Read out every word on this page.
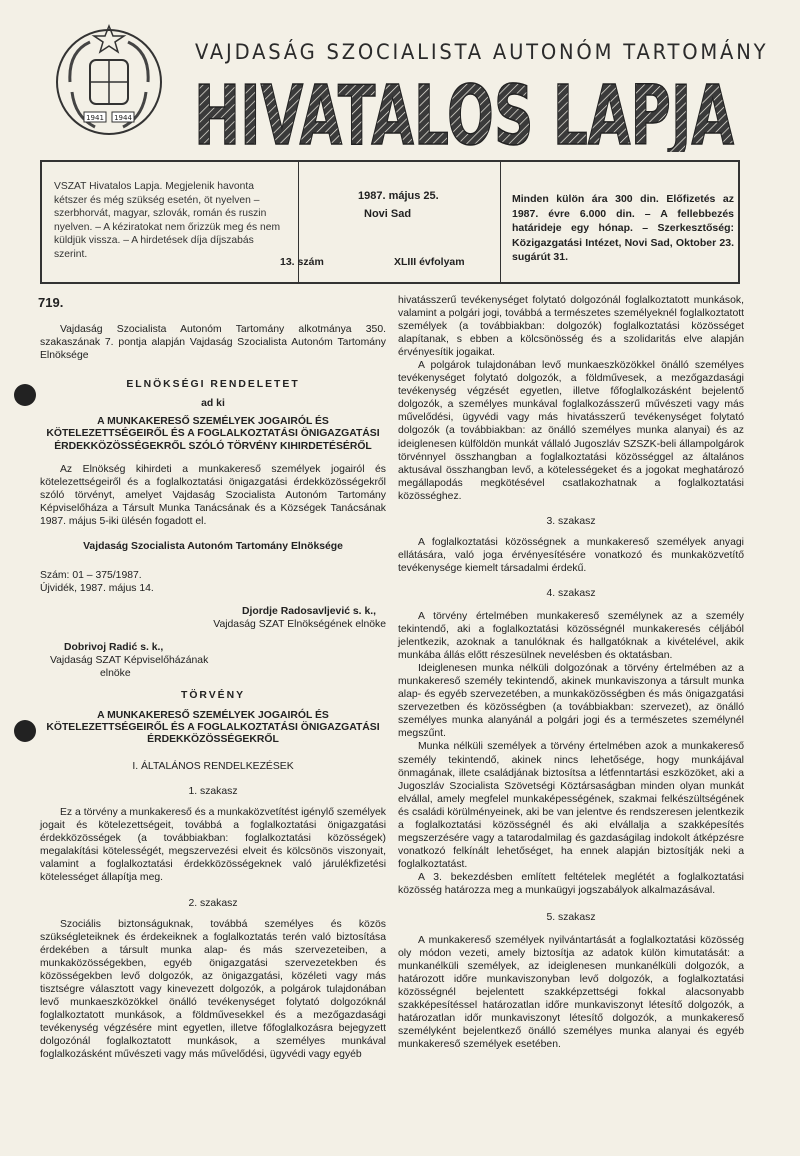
1941 1944
VAJDASÁG SZOCIALISTA AUTONÓM TARTOMÁNY
HIVATALOS LAPJA
VSZAT Hivatalos Lapja. Megjelenik havonta kétszer és még szükség esetén, öt nyelven – szerbhorvát, magyar, szlovák, román és ruszin nyelven. – A kéziratokat nem őrizzük meg és nem küldjük vissza. – A hirdetések díja díjszabás szerint.
1987. május 25.
Novi Sad
13. szám	XLIII évfolyam
Minden külön ára 300 din. Előfizetés az 1987. évre 6.000 din. – A fellebbezés határideje egy hónap. – Szerkesztőség: Közigazgatási Intézet, Novi Sad, Oktober 23. sugárút 31.

719.

Vajdaság Szocialista Autonóm Tartomány alkotmánya 350. szakaszának 7. pontja alapján Vajdaság Szocialista Autonóm Tartomány Elnöksége

ELNÖKSÉGI RENDELETET

ad ki

A MUNKAKERESŐ SZEMÉLYEK JOGAIRÓL ÉS KÖTELEZETTSÉGEIRŐL ÉS A FOGLALKOZTATÁSI ÖNIGAZGATÁSI ÉRDEKKÖZÖSSÉGEKRŐL SZÓLÓ TÖRVÉNY KIHIRDETÉSÉRŐL

Az Elnökség kihirdeti a munkakereső személyek jogairól és kötelezettségeiről és a foglalkoztatási önigazgatási érdekközösségekről szóló törvényt, amelyet Vajdaság Szocialista Autonóm Tartomány Képviselőháza a Társult Munka Tanácsának és a Községek Tanácsának 1987. május 5-iki ülésén fogadott el.

Vajdaság Szocialista Autonóm Tartomány Elnöksége

Szám: 01 – 375/1987.

Újvidék, 1987. május 14.

Djordje Radosavljević s. k.,

Vajdaság SZAT Elnökségének elnöke

Dobrivoj Radić s. k.,

Vajdaság SZAT Képviselőházának

elnöke

TÖRVÉNY

A MUNKAKERESŐ SZEMÉLYEK JOGAIRÓL ÉS KÖTELEZETTSÉGEIRŐL ÉS A FOGLALKOZTATÁSI ÖNIGAZGATÁSI ÉRDEKKÖZÖSSÉGEKRŐL

I. ÁLTALÁNOS RENDELKEZÉSEK

1. szakasz

Ez a törvény a munkakereső és a munkaközvetítést igénylő személyek jogait és kötelezettségeit, továbbá a foglalkoztatási önigazgatási érdekközösségek (a továbbiakban: foglalkoztatási közösségek) megalakítási kötelességét, megszervezési elveit és kölcsönös viszonyait, valamint a foglalkoztatási érdekközösségeknek való járulékfizetési kötelességet állapítja meg.

2. szakasz

Szociális biztonságuknak, továbbá személyes és közös szükségleteiknek és érdekeiknek a foglalkoztatás terén való biztosítása érdekében a társult munka alap- és más szervezeteiben, a munkaközösségekben, egyéb önigazgatási szervezetekben és közösségekben levő dolgozók, az önigazgatási, közéleti vagy más tisztségre választott vagy kinevezett dolgozók, a polgárok tulajdonában levő munkaeszközökkel önálló tevékenységet folytató dolgozóknál foglalkoztatott munkások, a földművesekkel és a mezőgazdasági tevékenység végzésére mint egyetlen, illetve főfoglalkozásra bejegyzett dolgozónál foglalkoztatott munkások, a személyes munkával foglalkozásként művészeti vagy más művelődési, ügyvédi vagy egyéb

hivatásszerű tevékenységet folytató dolgozónál foglalkoztatott munkások, valamint a polgári jogi, továbbá a természetes személyeknél foglalkoztatott személyek (a továbbiakban: dolgozók) foglalkoztatási közösséget alapítanak, s ebben a kölcsönösség és a szolidaritás elve alapján érvényesítik jogaikat.

A polgárok tulajdonában levő munkaeszközökkel önálló személyes tevékenységet folytató dolgozók, a földművesek, a mezőgazdasági tevékenység végzését egyetlen, illetve főfoglalkozásként bejelentő dolgozók, a személyes munkával foglalkozásszerű művészeti vagy más művelődési, ügyvédi vagy más hivatásszerű tevékenységet folytató dolgozók (a továbbiakban: az önálló személyes munka alanyai) és az ideiglenesen külföldön munkát vállaló Jugoszláv SZSZK-beli állampolgárok törvénnyel összhangban a foglalkoztatási közösséggel az általános aktusával összhangban levő, a kötelességeket és a jogokat meghatározó megállapodás megkötésével csatlakozhatnak a foglalkoztatási közösséghez.

3. szakasz

A foglalkoztatási közösségnek a munkakereső személyek anyagi ellátására, való joga érvényesítésére vonatkozó és munkaközvetítő tevékenysége kiemelt társadalmi érdekű.

4. szakasz

A törvény értelmében munkakereső személynek az a személy tekintendő, aki a foglalkoztatási közösségnél munkakeresés céljából jelentkezik, azoknak a tanulóknak és hallgatóknak a kivételével, akik munkába állás előtt részesülnek nevelésben és oktatásban.

Ideiglenesen munka nélküli dolgozónak a törvény értelmében az a munkakereső személy tekintendő, akinek munkaviszonya a társult munka alap- és egyéb szervezetében, a munkaközösségben és más önigazgatási szervezetben és közösségben (a továbbiakban: szervezet), az önálló személyes munka alanyánál a polgári jogi és a természetes személynél megszűnt.

Munka nélküli személyek a törvény értelmében azok a munkakereső személy tekintendő, akinek nincs lehetősége, hogy munkájával önmagának, illete családjának biztosítsa a létfenntartási eszközöket, aki a Jugoszláv Szocialista Szövetségi Köztársaságban minden olyan munkát elvállal, amely megfelel munkaképességének, szakmai felkészültségének és családi körülményeinek, aki be van jelentve és rendszeresen jelentkezik a foglalkoztatási közösségnél és aki elvállalja a szakképesítés megszerzésére vagy a tatarodalmilag és gazdaságilag indokolt átképzésre vonatkozó felkínált lehetőséget, ha ennek alapján biztosítják neki a foglalkoztatást.

A 3. bekezdésben említett feltételek meglétét a foglalkoztatási közösség határozza meg a munkaügyi jogszabályok alkalmazásával.

5. szakasz

A munkakereső személyek nyilvántartását a foglalkoztatási közösség oly módon vezeti, amely biztosítja az adatok külön kimutatását: a munkanélküli személyek, az ideiglenesen munkanélküli dolgozók, a határozott időre munkaviszonyban levő dolgozók, a foglalkoztatási közösségnél bejelentett szakképzettségi fokkal alacsonyabb szakképesítéssel határozatlan időre munkaviszonyt létesítő dolgozók, a határozatlan időr munkaviszonyt létesítő dolgozók, a munkakereső személyként bejelentkező önálló személyes munka alanyai és egyéb munkakereső személyek esetében.
